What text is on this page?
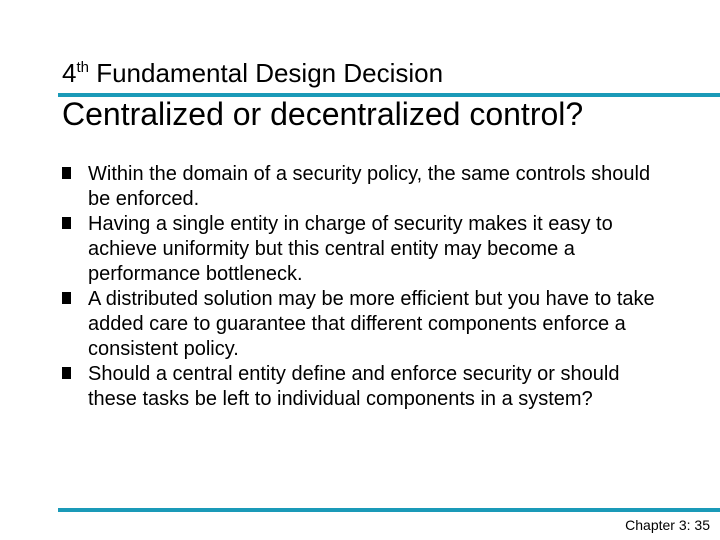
4th Fundamental Design Decision
Centralized or decentralized control?
Within the domain of a security policy, the same controls should be enforced.
Having a single entity in charge of security makes it easy to achieve uniformity but this central entity may become a performance bottleneck.
A distributed solution may be more efficient but you have to take added care to guarantee that different components enforce a consistent policy.
Should a central entity define and enforce security or should these tasks be left to individual components in a system?
Chapter 3: 35
